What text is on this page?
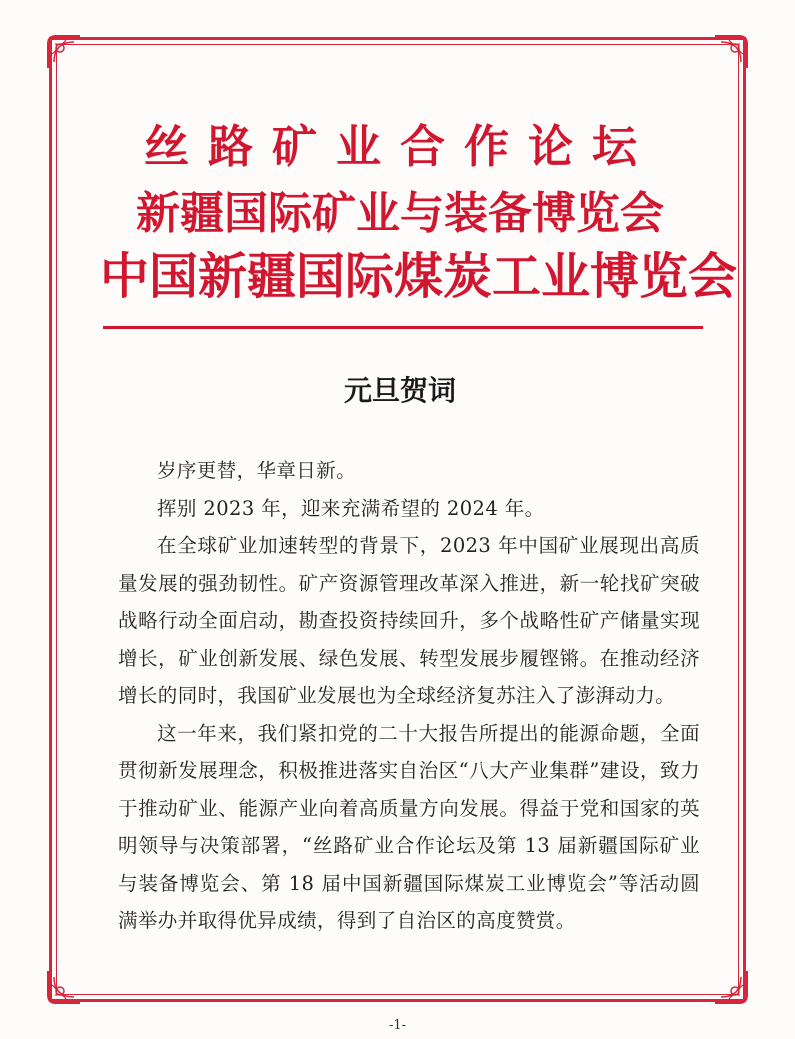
丝路矿业合作论坛
新疆国际矿业与装备博览会
中国新疆国际煤炭工业博览会
元旦贺词

岁序更替，华章日新。

挥别 2023 年，迎来充满希望的 2024 年。

在全球矿业加速转型的背景下，2023 年中国矿业展现出高质量发展的强劲韧性。矿产资源管理改革深入推进，新一轮找矿突破战略行动全面启动，勘查投资持续回升，多个战略性矿产储量实现增长，矿业创新发展、绿色发展、转型发展步履铿锵。在推动经济增长的同时，我国矿业发展也为全球经济复苏注入了澎湃动力。

这一年来，我们紧扣党的二十大报告所提出的能源命题，全面贯彻新发展理念，积极推进落实自治区“八大产业集群”建设，致力于推动矿业、能源产业向着高质量方向发展。得益于党和国家的英明领导与决策部署，“丝路矿业合作论坛及第 13 届新疆国际矿业与装备博览会、第 18 届中国新疆国际煤炭工业博览会”等活动圆满举办并取得优异成绩，得到了自治区的高度赞赏。

-1-
